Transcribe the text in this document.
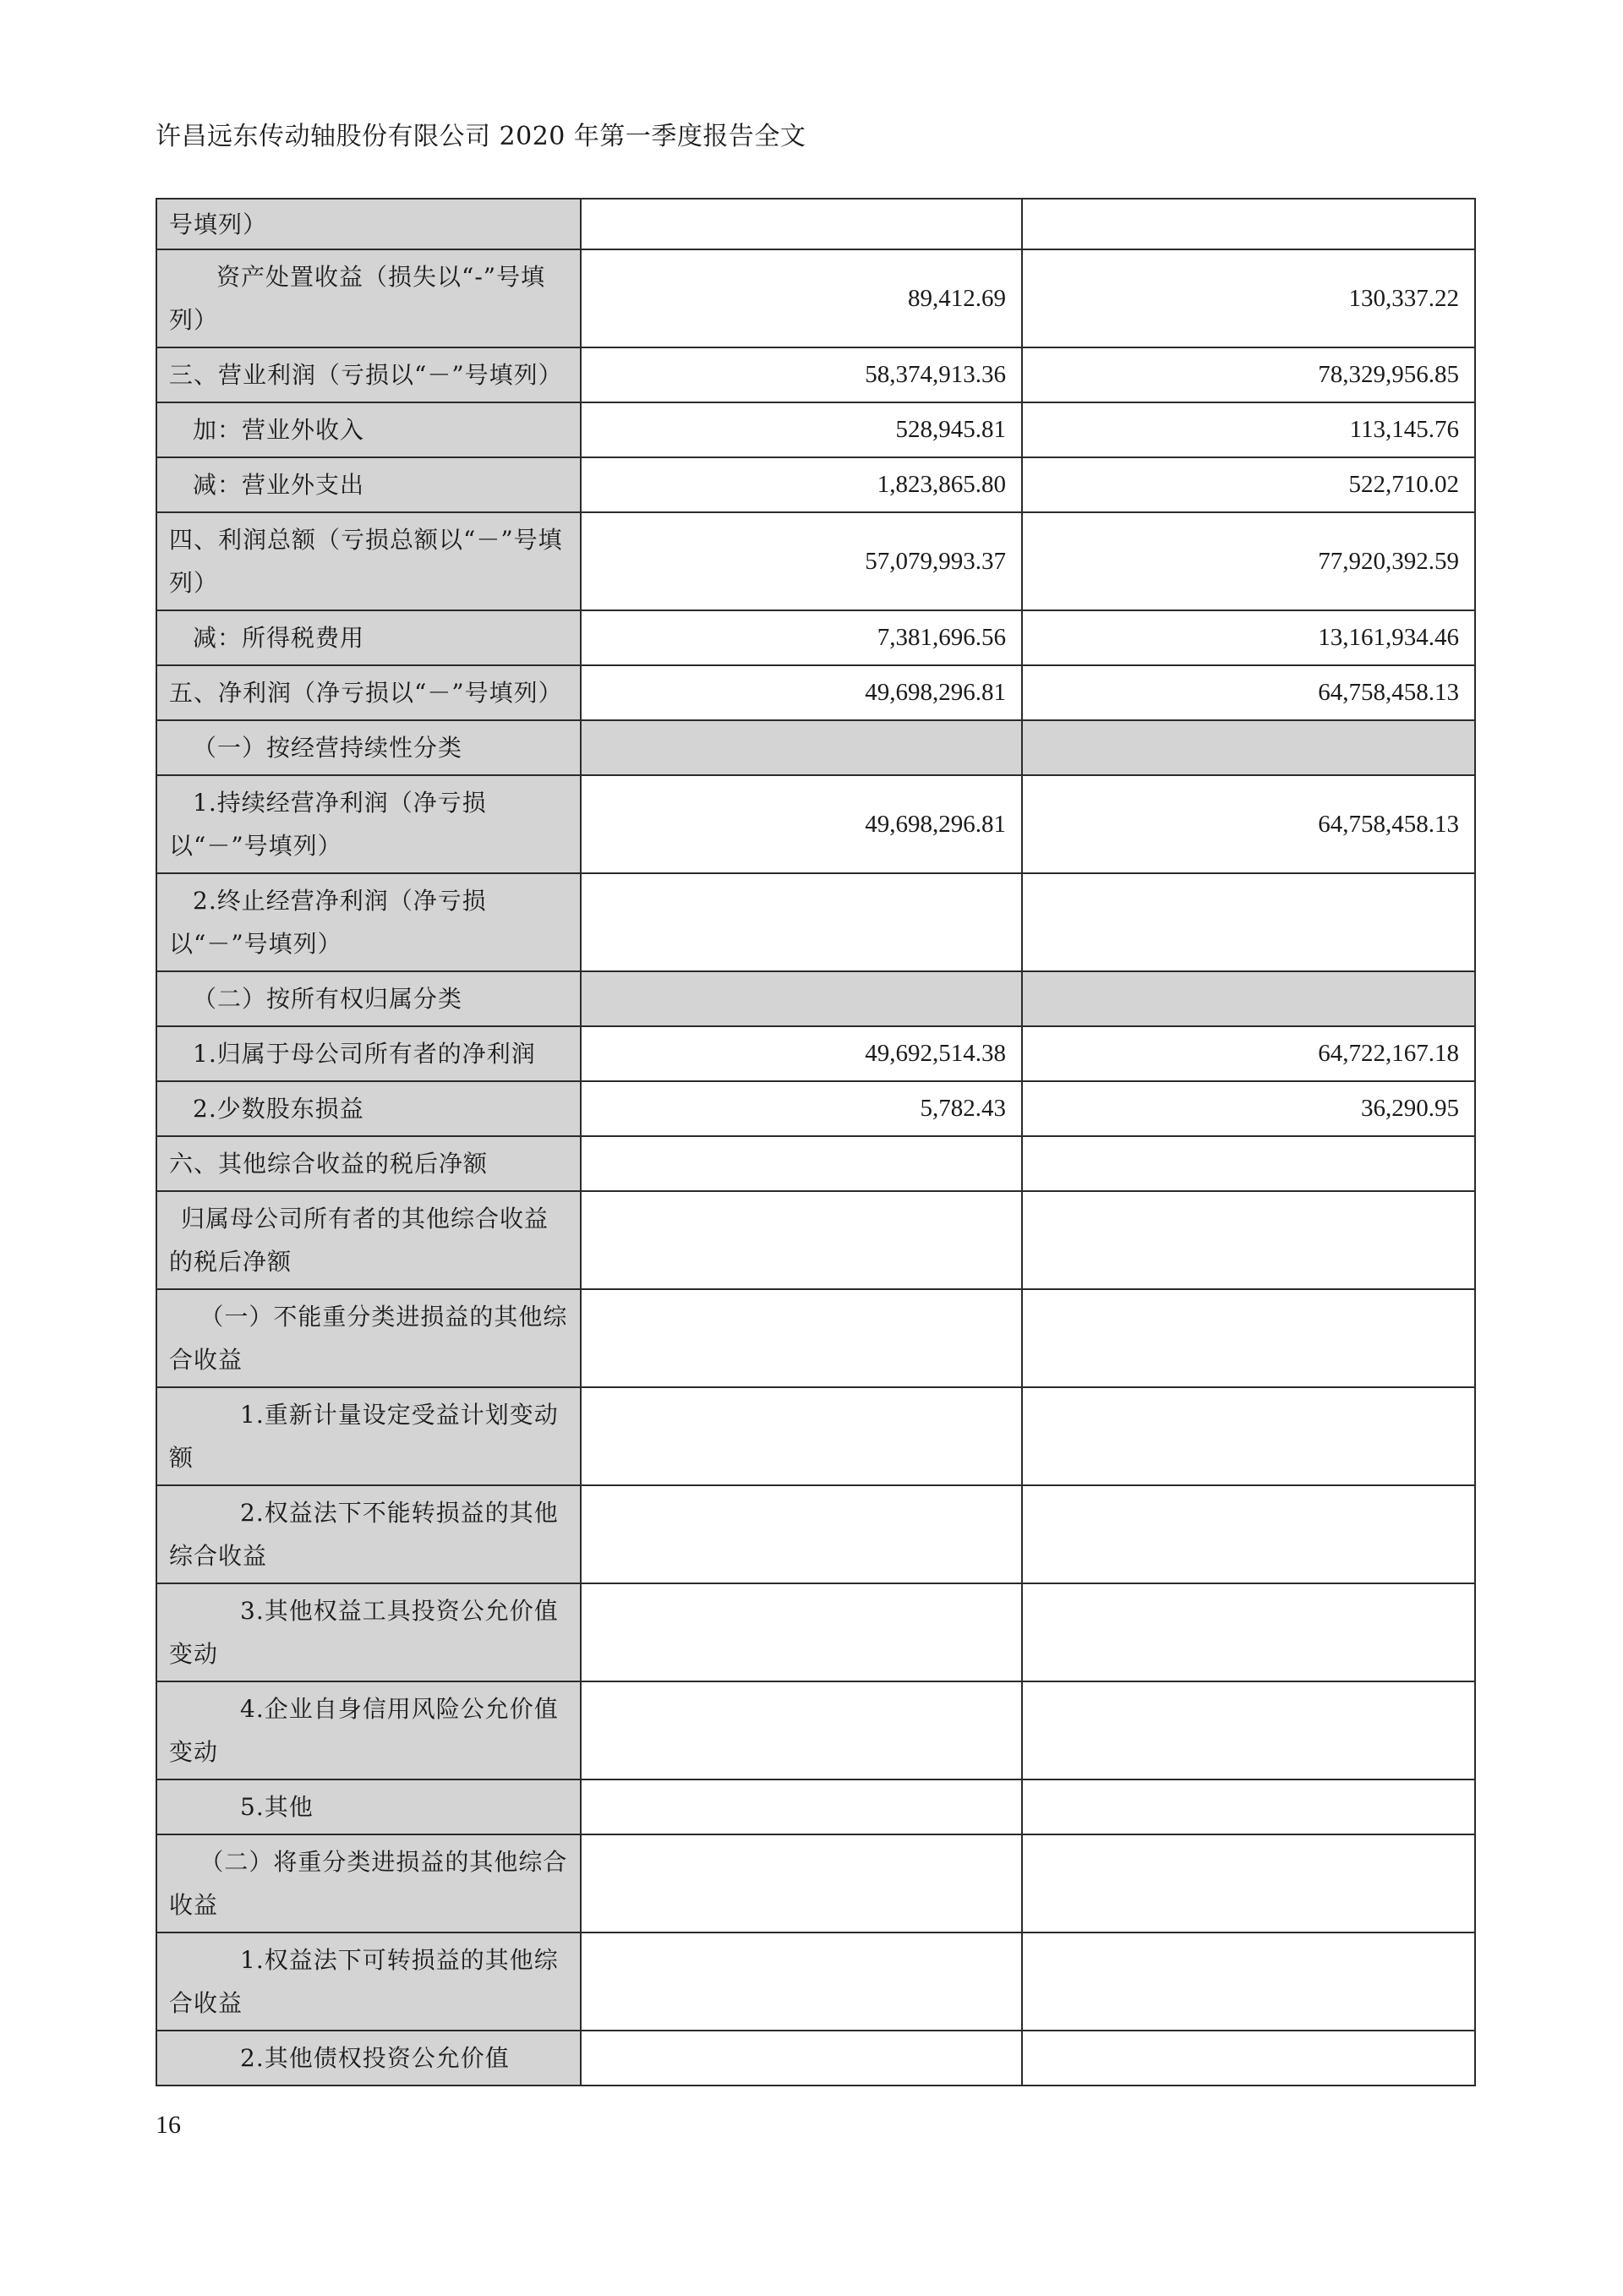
许昌远东传动轴股份有限公司 2020 年第一季度报告全文
号填列）		
资产处置收益（损失以“-”号填列）	89,412.69	130,337.22
三、营业利润（亏损以“－”号填列）	58,374,913.36	78,329,956.85
加：营业外收入	528,945.81	113,145.76
减：营业外支出	1,823,865.80	522,710.02
四、利润总额（亏损总额以“－”号填列）	57,079,993.37	77,920,392.59
减：所得税费用	7,381,696.56	13,161,934.46
五、净利润（净亏损以“－”号填列）	49,698,296.81	64,758,458.13
（一）按经营持续性分类		
1.持续经营净利润（净亏损以“－”号填列）	49,698,296.81	64,758,458.13
2.终止经营净利润（净亏损以“－”号填列）		
（二）按所有权归属分类		
1.归属于母公司所有者的净利润	49,692,514.38	64,722,167.18
2.少数股东损益	5,782.43	36,290.95
六、其他综合收益的税后净额		
归属母公司所有者的其他综合收益的税后净额		
（一）不能重分类进损益的其他综合收益		
1.重新计量设定受益计划变动额		
2.权益法下不能转损益的其他综合收益		
3.其他权益工具投资公允价值变动		
4.企业自身信用风险公允价值变动		
5.其他		
（二）将重分类进损益的其他综合收益		
1.权益法下可转损益的其他综合收益		
2.其他债权投资公允价值		
16
